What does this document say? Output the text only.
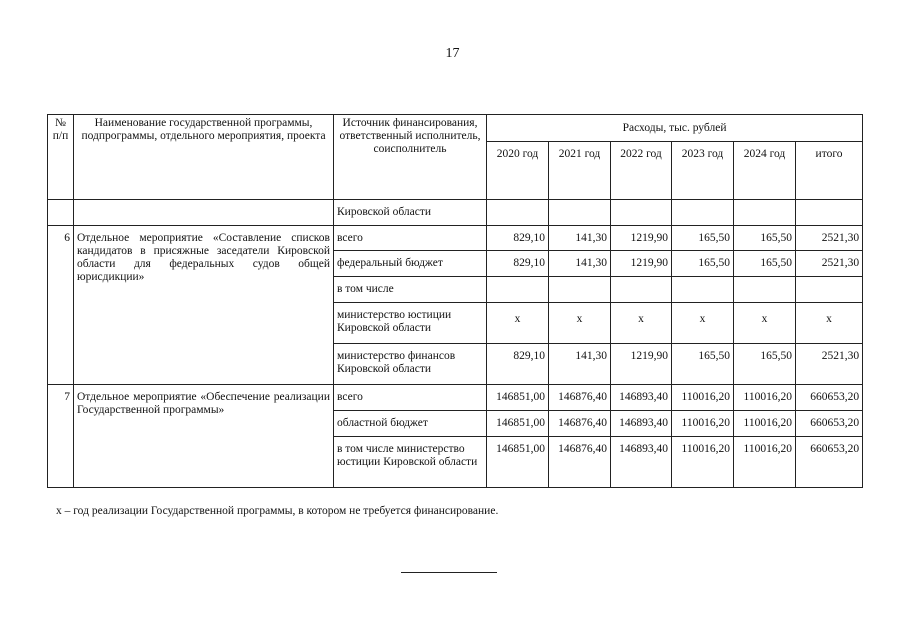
17
№ п/п	Наименование государственной программы, подпрограммы, отдельного мероприятия, проекта	Источник финансирования, ответственный исполнитель, соисполнитель	Расходы, тыс. рублей					
			2020 год	2021 год	2022 год	2023 год	2024 год	итого
		Кировской области						
6	Отдельное мероприятие «Составление списков кандидатов в присяжные заседатели Кировской области для федеральных судов общей юрисдикции»	всего	829,10	141,30	1219,90	165,50	165,50	2521,30
		федеральный бюджет	829,10	141,30	1219,90	165,50	165,50	2521,30
		в том числе						
		министерство юстиции Кировской области	х	х	х	х	х	х
		министерство финансов Кировской области	829,10	141,30	1219,90	165,50	165,50	2521,30
7	Отдельное мероприятие «Обеспечение реализации Государственной программы»	всего	146851,00	146876,40	146893,40	110016,20	110016,20	660653,20
		областной бюджет	146851,00	146876,40	146893,40	110016,20	110016,20	660653,20
		в том числе министерство юстиции Кировской области	146851,00	146876,40	146893,40	110016,20	110016,20	660653,20
х – год реализации Государственной программы, в котором не требуется финансирование.
